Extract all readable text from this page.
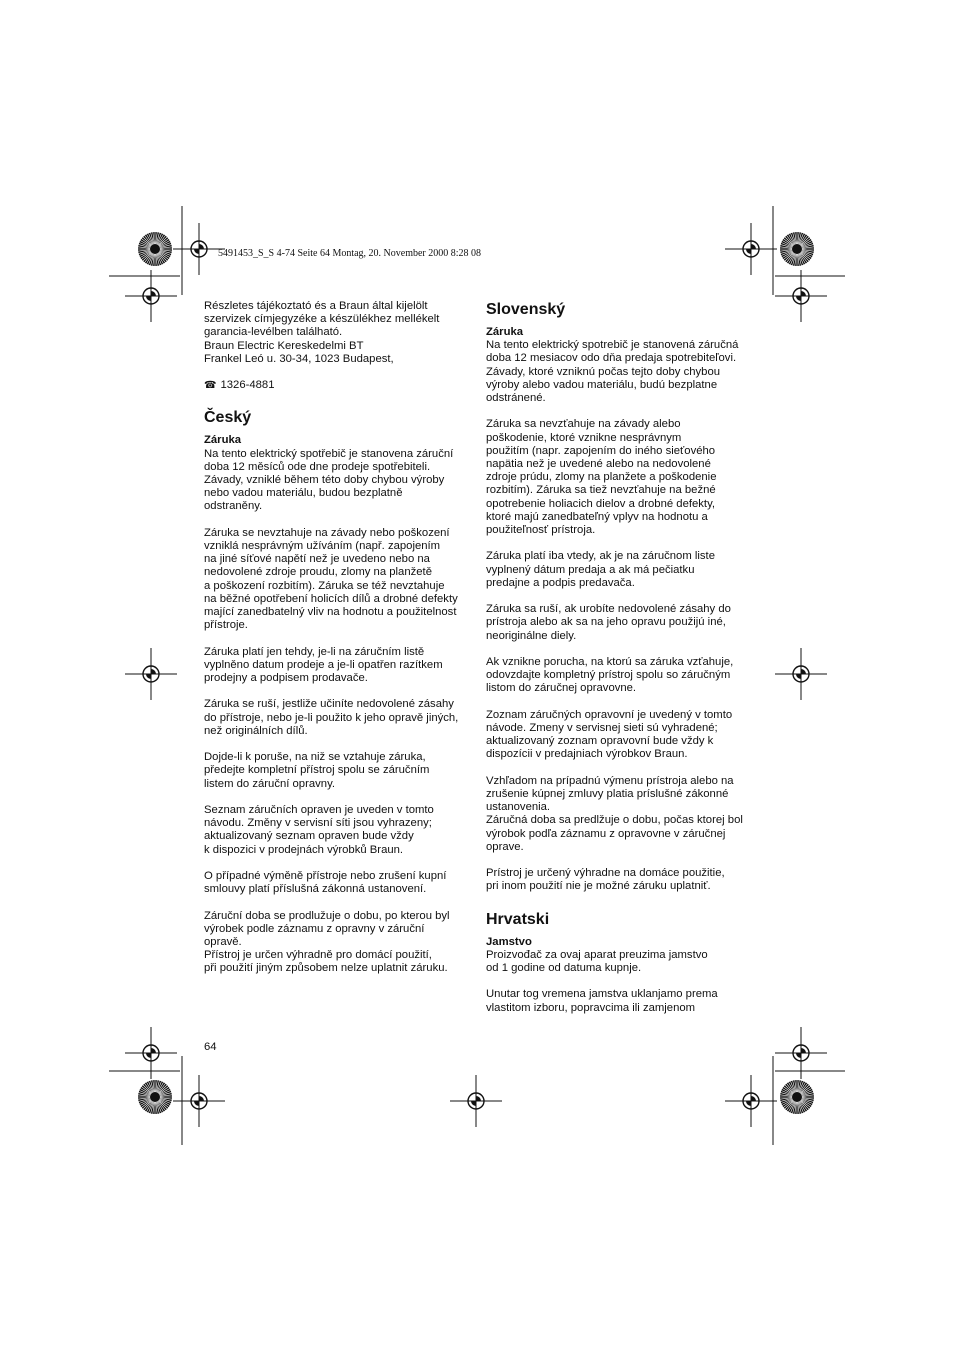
5491453_S_S 4-74 Seite 64 Montag, 20. November 2000 8:28 08

Részletes tájékoztató és a Braun által kijelölt
szervizek címjegyzéke a készülékhez mellékelt
garancia-levélben található.

Braun Electric Kereskedelmi BT
Frankel Leó u. 30-34, 1023 Budapest,

☎ 1326-4881

Český

Záruka

Na tento elektrický spotřebič je stanovena záruční
doba 12 měsíců ode dne prodeje spotřebiteli.
Závady, vzniklé během této doby chybou výroby
nebo vadou materiálu, budou bezplatně
odstraněny.

Záruka se nevztahuje na závady nebo poškození
vzniklá nesprávným užíváním (např. zapojením
na jiné síťové napětí než je uvedeno nebo na
nedovolené zdroje proudu, zlomy na planžetě
a poškození rozbitím). Záruka se též nevztahuje
na běžné opotřebení holicích dílů a drobné defekty
mající zanedbatelný vliv na hodnotu a použitelnost
přístroje.

Záruka platí jen tehdy, je-li na záručním listě
vyplněno datum prodeje a je-li opatřen razítkem
prodejny a podpisem prodavače.

Záruka se ruší, jestliže učiníte nedovolené zásahy
do přístroje, nebo je-li použito k jeho opravě jiných,
než originálních dílů.

Dojde-li k poruše, na niž se vztahuje záruka,
předejte kompletní přístroj spolu se záručním
listem do záruční opravny.

Seznam záručních opraven je uveden v tomto
návodu. Změny v servisní síti jsou vyhrazeny;
aktualizovaný seznam opraven bude vždy
k dispozici v prodejnách výrobků Braun.

O případné výměně přístroje nebo zrušení kupní
smlouvy platí příslušná zákonná ustanovení.

Záruční doba se prodlužuje o dobu, po kterou byl
výrobek podle záznamu z opravny v záruční
opravě.
Přístroj je určen výhradně pro domácí použití,
při použití jiným způsobem nelze uplatnit záruku.

Slovenský

Záruka

Na tento elektrický spotrebič je stanovená záručná
doba 12 mesiacov odo dňa predaja spotrebiteľovi.
Závady, ktoré vzniknú počas tejto doby chybou
výroby alebo vadou materiálu, budú bezplatne
odstránené.

Záruka sa nevzťahuje na závady alebo
poškodenie, ktoré vznikne nesprávnym
použitím (napr. zapojením do iného sieťového
napätia než je uvedené alebo na nedovolené
zdroje prúdu, zlomy na planžete a poškodenie
rozbitím). Záruka sa tiež nevzťahuje na bežné
opotrebenie holiacich dielov a drobné defekty,
ktoré majú zanedbateľný vplyv na hodnotu a
použiteľnosť prístroja.

Záruka platí iba vtedy, ak je na záručnom liste
vyplnený dátum predaja a ak má pečiatku
predajne a podpis predavača.

Záruka sa ruší, ak urobíte nedovolené zásahy do
prístroja alebo ak sa na jeho opravu použijú iné,
neoriginálne diely.

Ak vznikne porucha, na ktorú sa záruka vzťahuje,
odovzdajte kompletný prístroj spolu so záručným
listom do záručnej opravovne.

Zoznam záručných opravovní je uvedený v tomto
návode. Zmeny v servisnej sieti sú vyhradené;
aktualizovaný zoznam opravovní bude vždy k
dispozícii v predajniach výrobkov Braun.

Vzhľadom na prípadnú výmenu prístroja alebo na
zrušenie kúpnej zmluvy platia príslušné zákonné
ustanovenia.
Záručná doba sa predlžuje o dobu, počas ktorej bol
výrobok podľa záznamu z opravovne v záručnej
oprave.

Prístroj je určený výhradne na domáce použitie,
pri inom použití nie je možné záruku uplatniť.

Hrvatski

Jamstvo

Proizvođač za ovaj aparat preuzima jamstvo
od 1 godine od datuma kupnje.

Unutar tog vremena jamstva uklanjamo prema
vlastitom izboru, popravcima ili zamjenom

64
